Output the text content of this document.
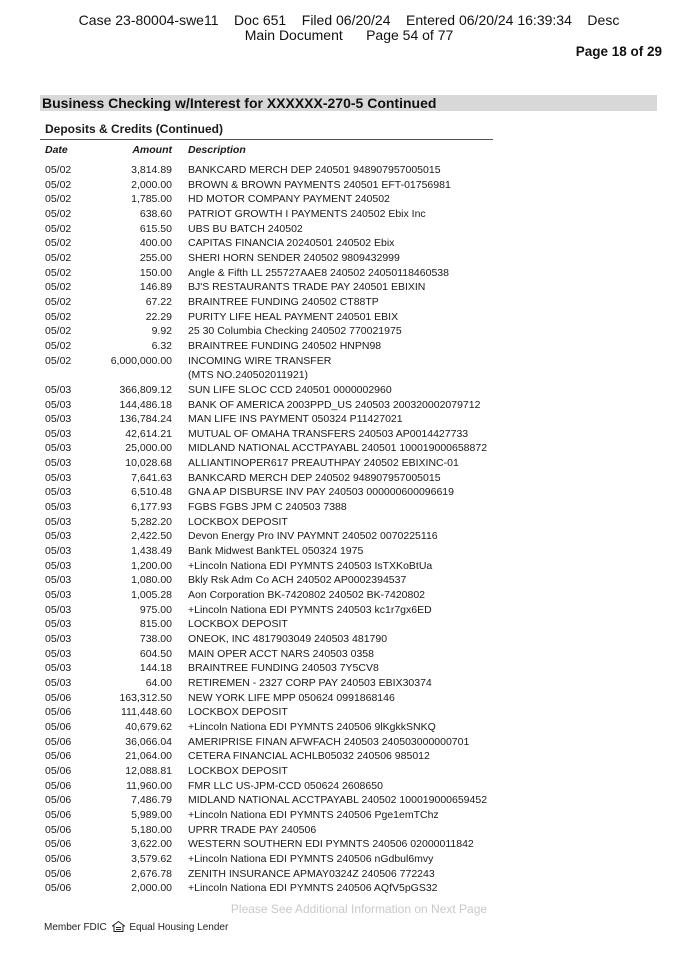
Case 23-80004-swe11    Doc 651    Filed 06/20/24    Entered 06/20/24 16:39:34    Desc
Main Document      Page 54 of 77
Page 18 of 29
Business Checking w/Interest for XXXXXX-270-5 Continued
Deposits & Credits (Continued)
Date	Amount Description
05/02	3,814.89 BANKCARD MERCH DEP 240501 948907957005015
05/02	2,000.00 BROWN & BROWN PAYMENTS 240501 EFT-01756981
05/02	1,785.00 HD MOTOR COMPANY PAYMENT 240502
05/02	638.60 PATRIOT GROWTH I PAYMENTS 240502 Ebix Inc
05/02	615.50 UBS BU BATCH 240502
05/02	400.00 CAPITAS FINANCIA 20240501 240502 Ebix
05/02	255.00 SHERI HORN SENDER 240502 9809432999
05/02	150.00 Angle & Fifth LL 255727AAE8 240502 24050118460538
05/02	146.89 BJ'S RESTAURANTS TRADE PAY 240501 EBIXIN
05/02	67.22 BRAINTREE FUNDING 240502 CT88TP
05/02	22.29 PURITY LIFE HEAL PAYMENT 240501 EBIX
05/02	9.92 25 30 Columbia Checking 240502 770021975
05/02	6.32 BRAINTREE FUNDING 240502 HNPN98
05/02	6,000,000.00 INCOMING WIRE TRANSFER
(MTS NO.240502011921)
05/03	366,809.12 SUN LIFE SLOC CCD 240501 0000002960
05/03	144,486.18 BANK OF AMERICA 2003PPD_US 240503 200320002079712
05/03	136,784.24 MAN LIFE INS PAYMENT 050324 P11427021
05/03	42,614.21 MUTUAL OF OMAHA TRANSFERS 240503 AP0014427733
05/03	25,000.00 MIDLAND NATIONAL ACCTPAYABL 240501 100019000658872
05/03	10,028.68 ALLIANTINOPER617 PREAUTHPAY 240502 EBIXINC-01
05/03	7,641.63 BANKCARD MERCH DEP 240502 948907957005015
05/03	6,510.48 GNA AP DISBURSE INV PAY 240503 000000600096619
05/03	6,177.93 FGBS FGBS JPM C 240503 7388
05/03	5,282.20 LOCKBOX DEPOSIT
05/03	2,422.50 Devon Energy Pro INV PAYMNT 240502 0070225116
05/03	1,438.49 Bank Midwest BankTEL 050324 1975
05/03	1,200.00 +Lincoln Nationa EDI PYMNTS 240503 IsTXKoBtUa
05/03	1,080.00 Bkly Rsk Adm Co ACH 240502 AP0002394537
05/03	1,005.28 Aon Corporation BK-7420802 240502 BK-7420802
05/03	975.00 +Lincoln Nationa EDI PYMNTS 240503 kc1r7gx6ED
05/03	815.00 LOCKBOX DEPOSIT
05/03	738.00 ONEOK, INC 4817903049 240503 481790
05/03	604.50 MAIN OPER ACCT NARS 240503 0358
05/03	144.18 BRAINTREE FUNDING 240503 7Y5CV8
05/03	64.00 RETIREMEN - 2327 CORP PAY 240503 EBIX30374
05/06	163,312.50 NEW YORK LIFE MPP 050624 0991868146
05/06	111,448.60 LOCKBOX DEPOSIT
05/06	40,679.62 +Lincoln Nationa EDI PYMNTS 240506 9lKgkkSNKQ
05/06	36,066.04 AMERIPRISE FINAN AFWFACH 240503 240503000000701
05/06	21,064.00 CETERA FINANCIAL ACHLB05032 240506 985012
05/06	12,088.81 LOCKBOX DEPOSIT
05/06	11,960.00 FMR LLC US-JPM-CCD 050624 2608650
05/06	7,486.79 MIDLAND NATIONAL ACCTPAYABL 240502 100019000659452
05/06	5,989.00 +Lincoln Nationa EDI PYMNTS 240506 Pge1emTChz
05/06	5,180.00 UPRR TRADE PAY 240506
05/06	3,622.00 WESTERN SOUTHERN EDI PYMNTS 240506 02000011842
05/06	3,579.62 +Lincoln Nationa EDI PYMNTS 240506 nGdbul6mvy
05/06	2,676.78 ZENITH INSURANCE APMAY0324Z 240506 772243
05/06	2,000.00 +Lincoln Nationa EDI PYMNTS 240506 AQfV5pGS32
Please See Additional Information on Next Page
Member FDIC Equal Housing Lender
